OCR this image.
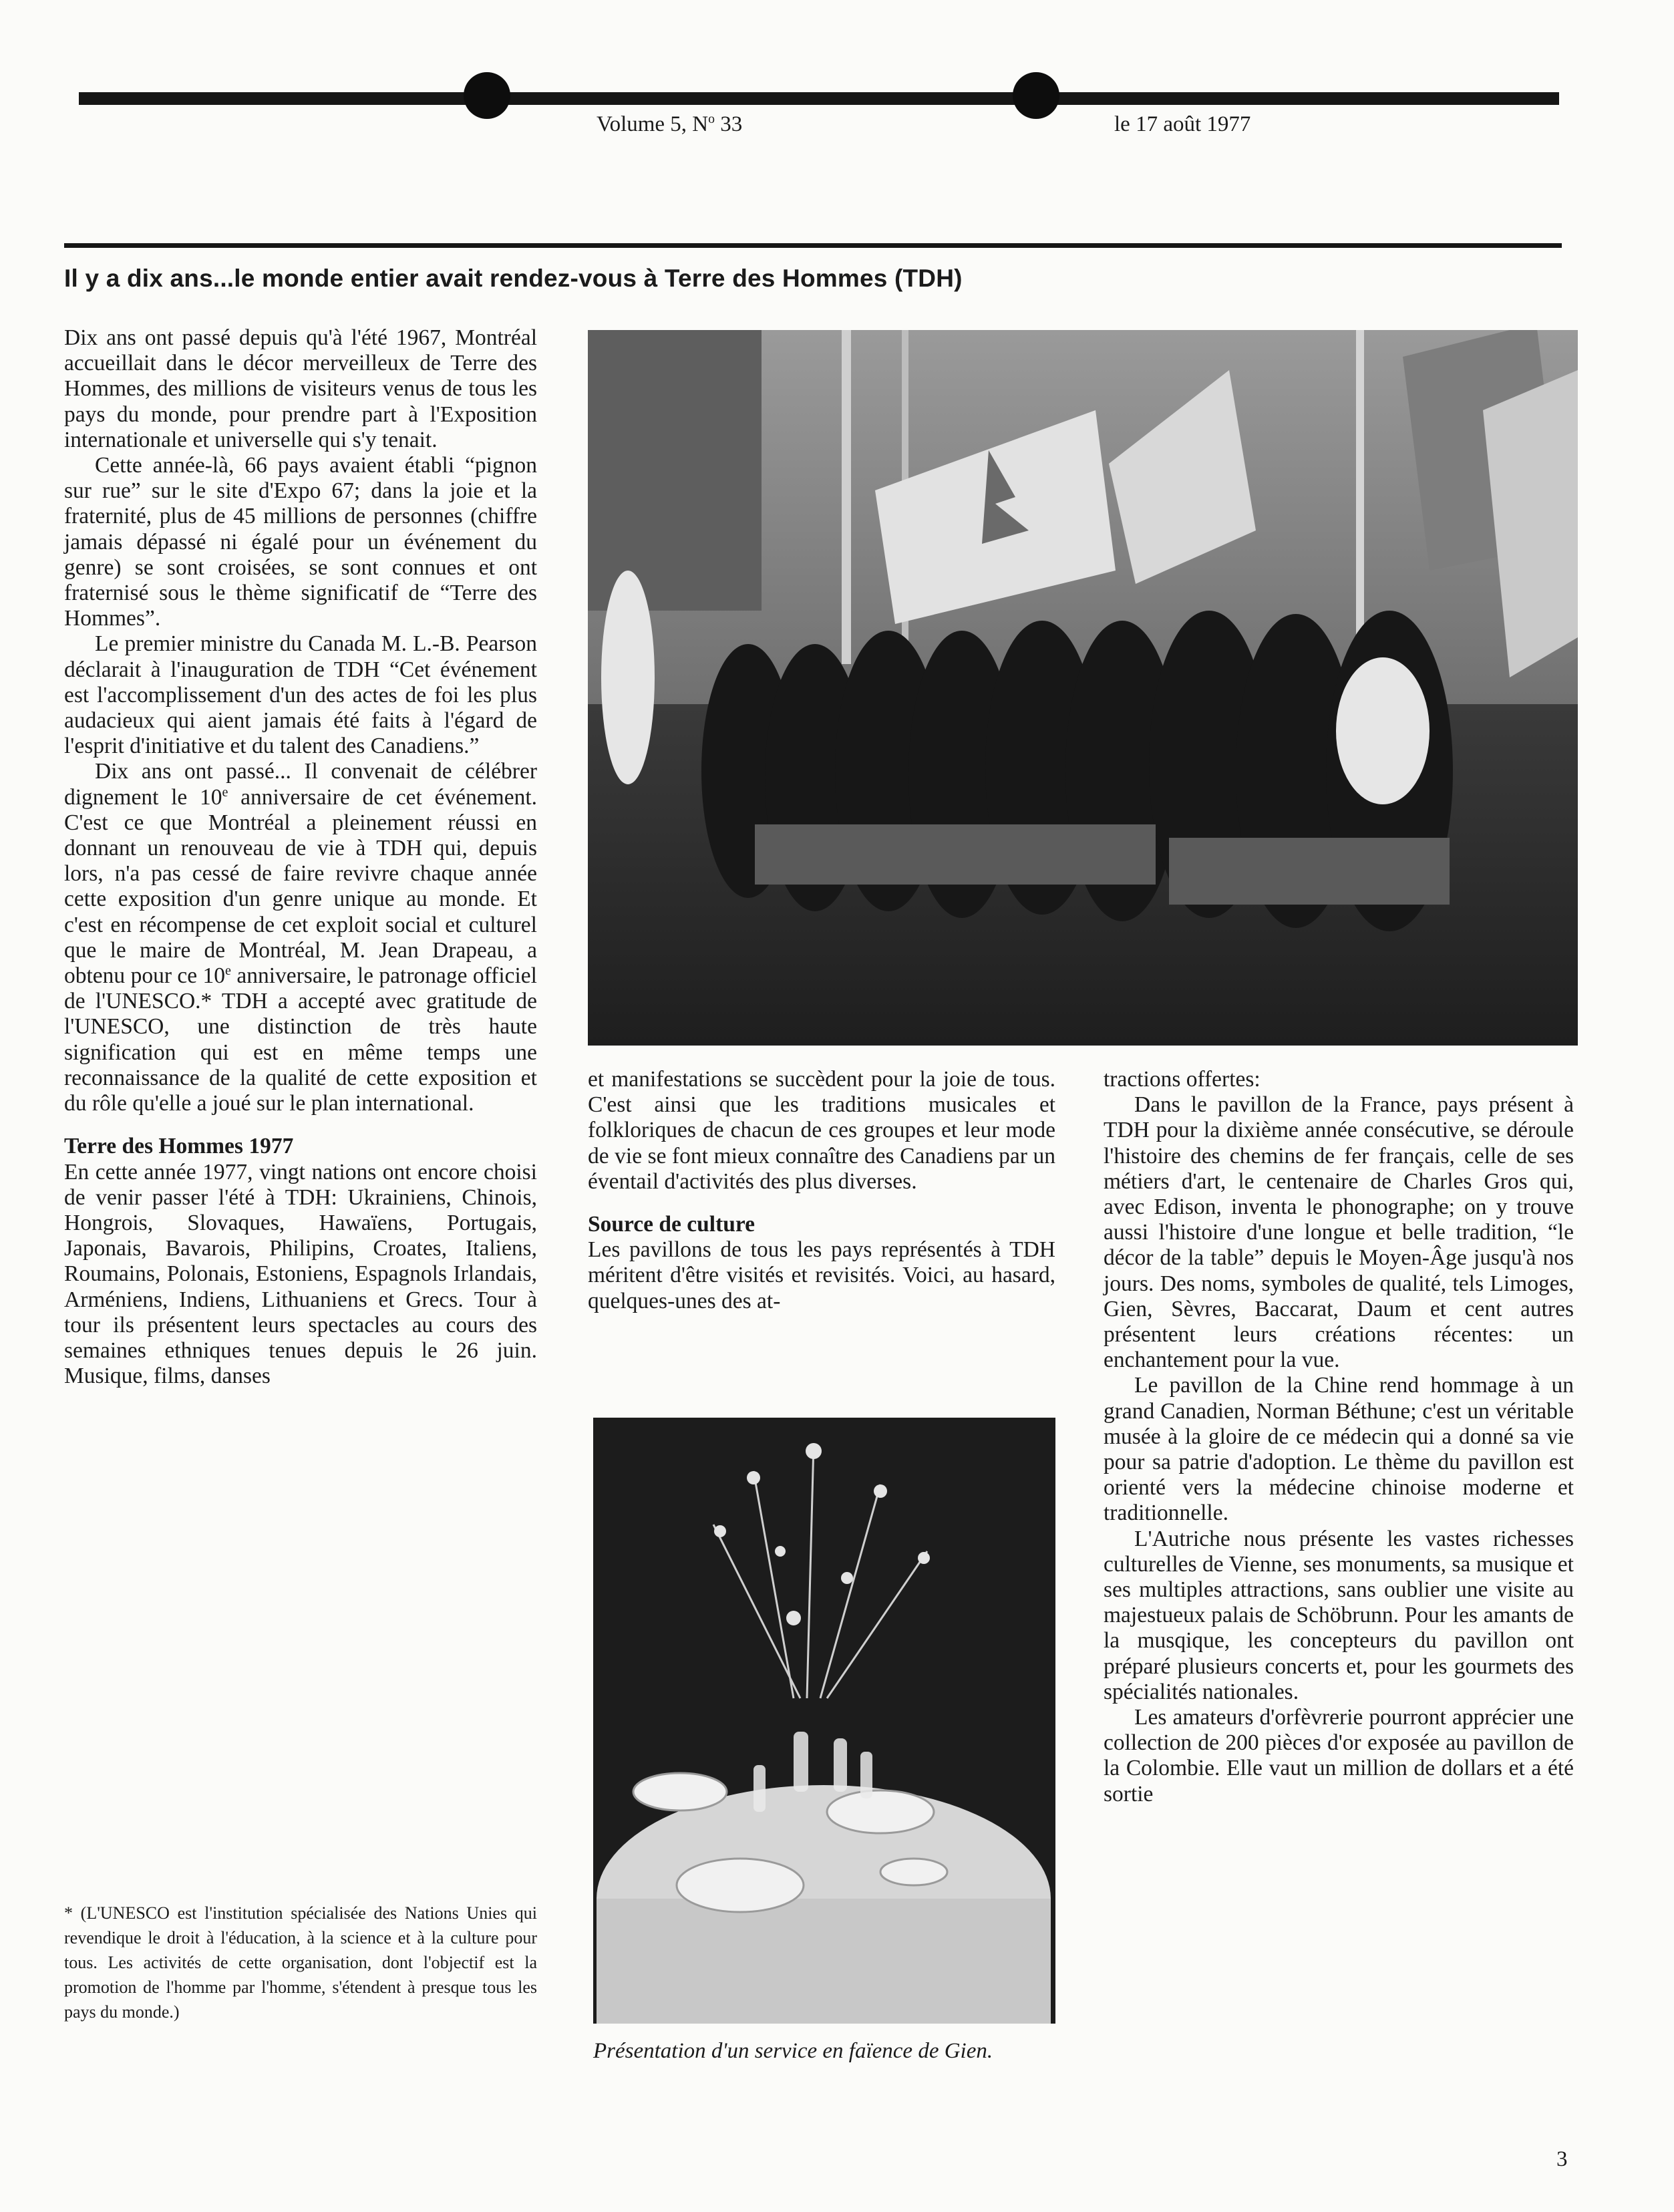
Volume 5, $N^o$ 33	le 17 août 1977
Il y a dix ans...le monde entier avait rendez-vous à Terre des Hommes (TDH)

Dix ans ont passé depuis qu'à l'été 1967, Montréal accueillait dans le décor merveilleux de Terre des Hommes, des millions de visiteurs venus de tous les pays du monde, pour prendre part à l'Exposition internationale et universelle qui s'y tenait.

Cette année-là, 66 pays avaient établi “pignon sur rue” sur le site d'Expo 67; dans la joie et la fraternité, plus de 45 millions de personnes (chiffre jamais dépassé ni égalé pour un événement du genre) se sont croisées, se sont connues et ont fraternisé sous le thème significatif de “Terre des Hommes”.

Le premier ministre du Canada M. L.-B. Pearson déclarait à l'inauguration de TDH “Cet événement est l'accomplissement d'un des actes de foi les plus audacieux qui aient jamais été faits à l'égard de l'esprit d'initiative et du talent des Canadiens.”

Dix ans ont passé... Il convenait de célébrer dignement le 10e anniversaire de cet événement. C'est ce que Montréal a pleinement réussi en donnant un renouveau de vie à TDH qui, depuis lors, n'a pas cessé de faire revivre chaque année cette exposition d'un genre unique au monde. Et c'est en récompense de cet exploit social et culturel que le maire de Montréal, M. Jean Drapeau, a obtenu pour ce 10e anniversaire, le patronage officiel de l'UNESCO.* TDH a accepté avec gratitude de l'UNESCO, une distinction de très haute signification qui est en même temps une reconnaissance de la qualité de cette exposition et du rôle qu'elle a joué sur le plan international.

Terre des Hommes 1977

En cette année 1977, vingt nations ont encore choisi de venir passer l'été à TDH: Ukrainiens, Chinois, Hongrois, Slovaques, Hawaïens, Portugais, Japonais, Bavarois, Philipins, Croates, Italiens, Roumains, Polonais, Estoniens, Espagnols Irlandais, Arméniens, Indiens, Lithuaniens et Grecs. Tour à tour ils présentent leurs spectacles au cours des semaines ethniques tenues depuis le 26 juin. Musique, films, danses

* (L'UNESCO est l'institution spécialisée des Nations Unies qui revendique le droit à l'éducation, à la science et à la culture pour tous. Les activités de cette organisation, dont l'objectif est la promotion de l'homme par l'homme, s'étendent à presque tous les pays du monde.)

et manifestations se succèdent pour la joie de tous. C'est ainsi que les traditions musicales et folkloriques de chacun de ces groupes et leur mode de vie se font mieux connaître des Canadiens par un éventail d'activités des plus diverses.

Source de culture

Les pavillons de tous les pays représentés à TDH méritent d'être visités et revisités. Voici, au hasard, quelques-unes des at-

Présentation d'un service en faïence de Gien.

tractions offertes:

Dans le pavillon de la France, pays présent à TDH pour la dixième année consécutive, se déroule l'histoire des chemins de fer français, celle de ses métiers d'art, le centenaire de Charles Gros qui, avec Edison, inventa le phonographe; on y trouve aussi l'histoire d'une longue et belle tradition, “le décor de la table” depuis le Moyen-Âge jusqu'à nos jours. Des noms, symboles de qualité, tels Limoges, Gien, Sèvres, Baccarat, Daum et cent autres présentent leurs créations récentes: un enchantement pour la vue.

Le pavillon de la Chine rend hommage à un grand Canadien, Norman Béthune; c'est un véritable musée à la gloire de ce médecin qui a donné sa vie pour sa patrie d'adoption. Le thème du pavillon est orienté vers la médecine chinoise moderne et traditionnelle.

L'Autriche nous présente les vastes richesses culturelles de Vienne, ses monuments, sa musique et ses multiples attractions, sans oublier une visite au majestueux palais de Schöbrunn. Pour les amants de la musqique, les concepteurs du pavillon ont préparé plusieurs concerts et, pour les gourmets des spécialités nationales.

Les amateurs d'orfèvrerie pourront apprécier une collection de 200 pièces d'or exposée au pavillon de la Colombie. Elle vaut un million de dollars et a été sortie

3
